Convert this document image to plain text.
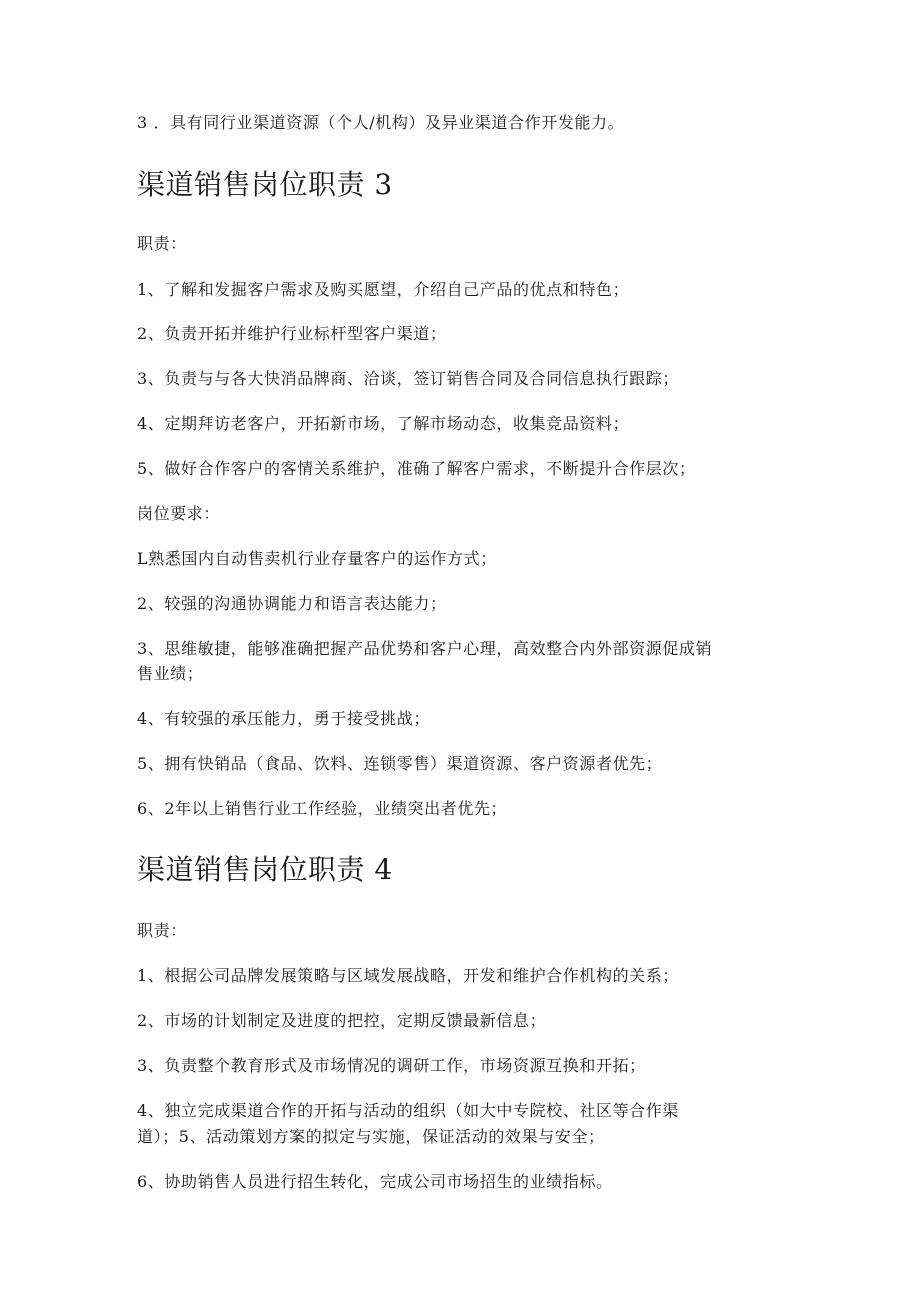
3 ．具有同行业渠道资源（个人/机构）及异业渠道合作开发能力。
渠道销售岗位职责 3
职责：
1、了解和发掘客户需求及购买愿望，介绍自己产品的优点和特色；
2、负责开拓并维护行业标杆型客户渠道；
3、负责与与各大快消品牌商、洽谈，签订销售合同及合同信息执行跟踪；
4、定期拜访老客户，开拓新市场，了解市场动态，收集竞品资料；
5、做好合作客户的客情关系维护，准确了解客户需求，不断提升合作层次；
岗位要求：
L熟悉国内自动售卖机行业存量客户的运作方式；
2、较强的沟通协调能力和语言表达能力；
3、思维敏捷，能够准确把握产品优势和客户心理，高效整合内外部资源促成销
售业绩；
4、有较强的承压能力，勇于接受挑战；
5、拥有快销品（食品、饮料、连锁零售）渠道资源、客户资源者优先；
6、2年以上销售行业工作经验，业绩突出者优先；
渠道销售岗位职责 4
职责：
1、根据公司品牌发展策略与区域发展战略，开发和维护合作机构的关系；
2、市场的计划制定及进度的把控，定期反馈最新信息；
3、负责整个教育形式及市场情况的调研工作，市场资源互换和开拓；
4、独立完成渠道合作的开拓与活动的组织（如大中专院校、社区等合作渠
道）；5、活动策划方案的拟定与实施，保证活动的效果与安全；
6、协助销售人员进行招生转化，完成公司市场招生的业绩指标。
